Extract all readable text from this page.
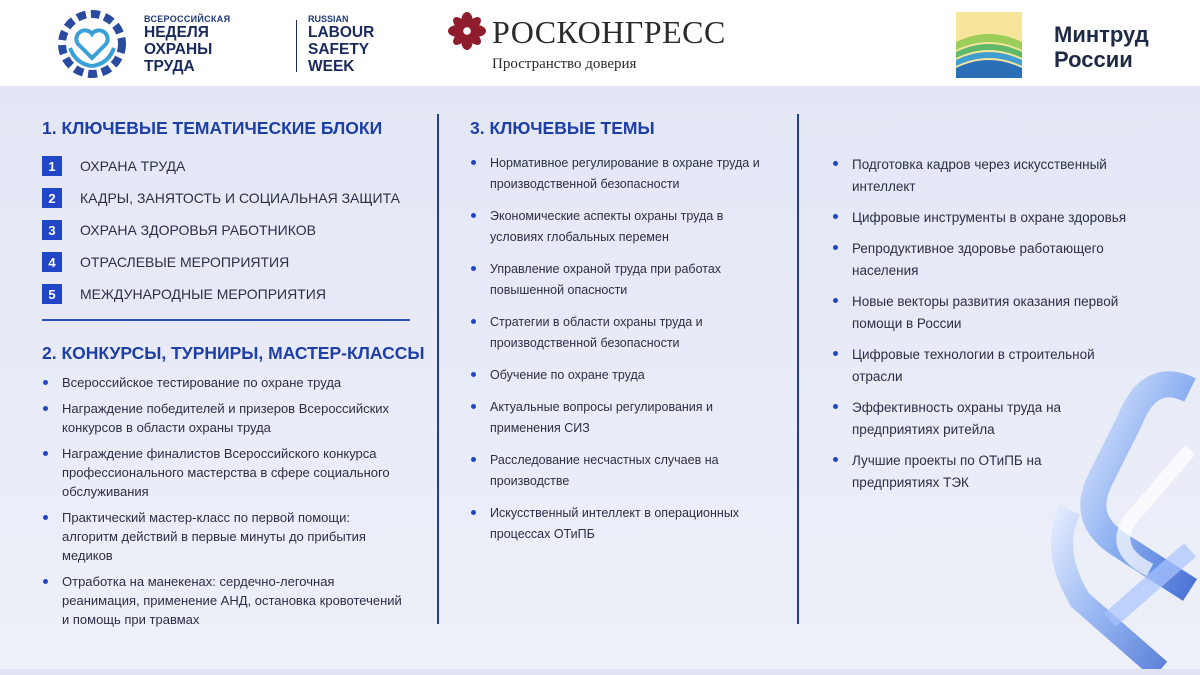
ВСЕРОССИЙСКАЯ
НЕДЕЛЯ
ОХРАНЫ
ТРУДА
RUSSIAN
LABOUR
SAFETY
WEEK
РОСКОНГРЕСС
Пространство доверия
Минтруд
России
1. КЛЮЧЕВЫЕ ТЕМАТИЧЕСКИЕ БЛОКИ
1	ОХРАНА ТРУДА
2	КАДРЫ, ЗАНЯТОСТЬ И СОЦИАЛЬНАЯ ЗАЩИТА
3	ОХРАНА ЗДОРОВЬЯ РАБОТНИКОВ
4	ОТРАСЛЕВЫЕ МЕРОПРИЯТИЯ
5	МЕЖДУНАРОДНЫЕ МЕРОПРИЯТИЯ
2. КОНКУРСЫ, ТУРНИРЫ, МАСТЕР-КЛАССЫ
Всероссийское тестирование по охране труда
Награждение победителей и призеров Всероссийских конкурсов в области охраны труда
Награждение финалистов Всероссийского конкурса профессионального мастерства в сфере социального обслуживания
Практический мастер-класс по первой помощи: алгоритм действий в первые минуты до прибытия медиков
Отработка на манекенах: сердечно-легочная реанимация, применение АНД, остановка кровотечений и помощь при травмах
3. КЛЮЧЕВЫЕ ТЕМЫ
Нормативное регулирование в охране труда и производственной безопасности
Экономические аспекты охраны труда в условиях глобальных перемен
Управление охраной труда при работах повышенной опасности
Стратегии в области охраны труда и производственной безопасности
Обучение по охране труда
Актуальные вопросы регулирования и применения СИЗ
Расследование несчастных случаев на производстве
Искусственный интеллект в операционных процессах ОТиПБ
Подготовка кадров через искусственный интеллект
Цифровые инструменты в охране здоровья
Репродуктивное здоровье работающего населения
Новые векторы развития оказания первой помощи в России
Цифровые технологии в строительной отрасли
Эффективность охраны труда на предприятиях ритейла
Лучшие проекты по ОТиПБ на предприятиях ТЭК
